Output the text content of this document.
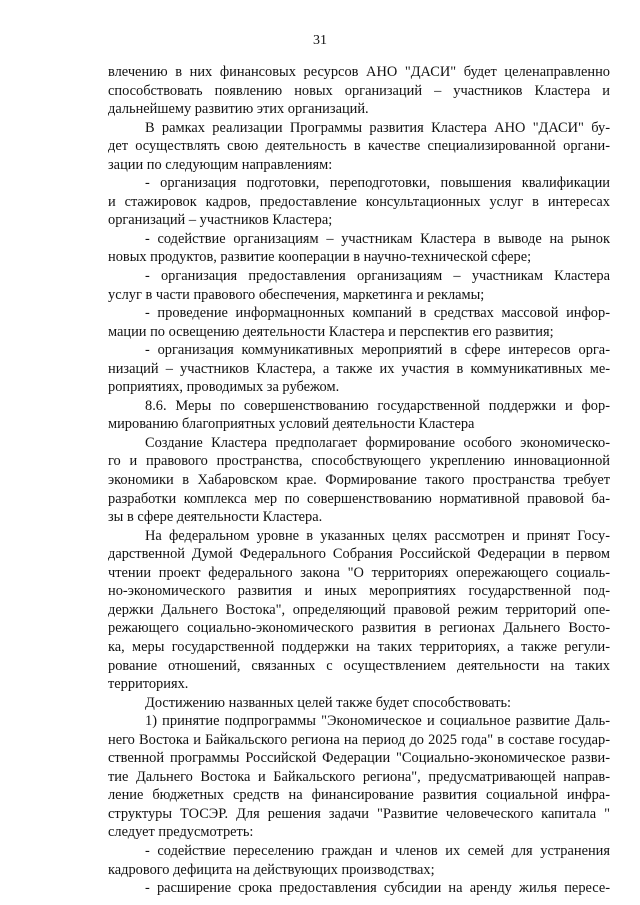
31

влечению в них финансовых ресурсов АНО "ДАСИ" будет целенаправленно

способствовать появлению новых организаций – участников Кластера и

дальнейшему развитию этих организаций.

В рамках реализации Программы развития Кластера АНО "ДАСИ" бу-

дет осуществлять свою деятельность в качестве специализированной органи-

зации по следующим направлениям:

- организация подготовки, переподготовки, повышения квалификации

и стажировок кадров, предоставление консультационных услуг в интересах

организаций – участников Кластера;

- содействие организациям – участникам Кластера в выводе на рынок

новых продуктов, развитие кооперации в научно-технической сфере;

- организация предоставления организациям – участникам Кластера

услуг в части правового обеспечения, маркетинга и рекламы;

- проведение информацнонных компаний в средствах массовой инфор-

мации по освещению деятельности Кластера и перспектив его развития;

- организация коммуникативных мероприятий в сфере интересов орга-

низаций – участников Кластера, а также их участия в коммуникативных ме-

роприятиях, проводимых за рубежом.

8.6. Меры по совершенствованию государственной поддержки и фор-

мированию благоприятных условий деятельности Кластера

Создание Кластера предполагает формирование особого экономическо-

го и правового пространства, способствующего укреплению инновационной

экономики в Хабаровском крае. Формирование такого пространства требует

разработки комплекса мер по совершенствованию нормативной правовой ба-

зы в сфере деятельности Кластера.

На федеральном уровне в указанных целях рассмотрен и принят Госу-

дарственной Думой Федерального Собрания Российской Федерации в первом

чтении проект федерального закона "О территориях опережающего социаль-

но-экономического развития и иных мероприятиях государственной под-

держки Дальнего Востока", определяющий правовой режим территорий опе-

режающего социально-экономического развития в регионах Дальнего Восто-

ка, меры государственной поддержки на таких территориях, а также регули-

рование отношений, связанных с осуществлением деятельности на таких

территориях.

Достижению названных целей также будет способствовать:

1) принятие подпрограммы "Экономическое и социальное развитие Даль-

него Востока и Байкальского региона на период до 2025 года" в составе государ-

ственной программы Российской Федерации "Социально-экономическое разви-

тие Дальнего Востока и Байкальского региона", предусматривающей направ-

ление бюджетных средств на финансирование развития социальной инфра-

структуры ТОСЭР. Для решения задачи "Развитие человеческого капитала "

следует предусмотреть:

- содействие переселению граждан и членов их семей для устранения

кадрового дефицита на действующих производствах;

- расширение срока предоставления субсидии на аренду жилья пересе-
